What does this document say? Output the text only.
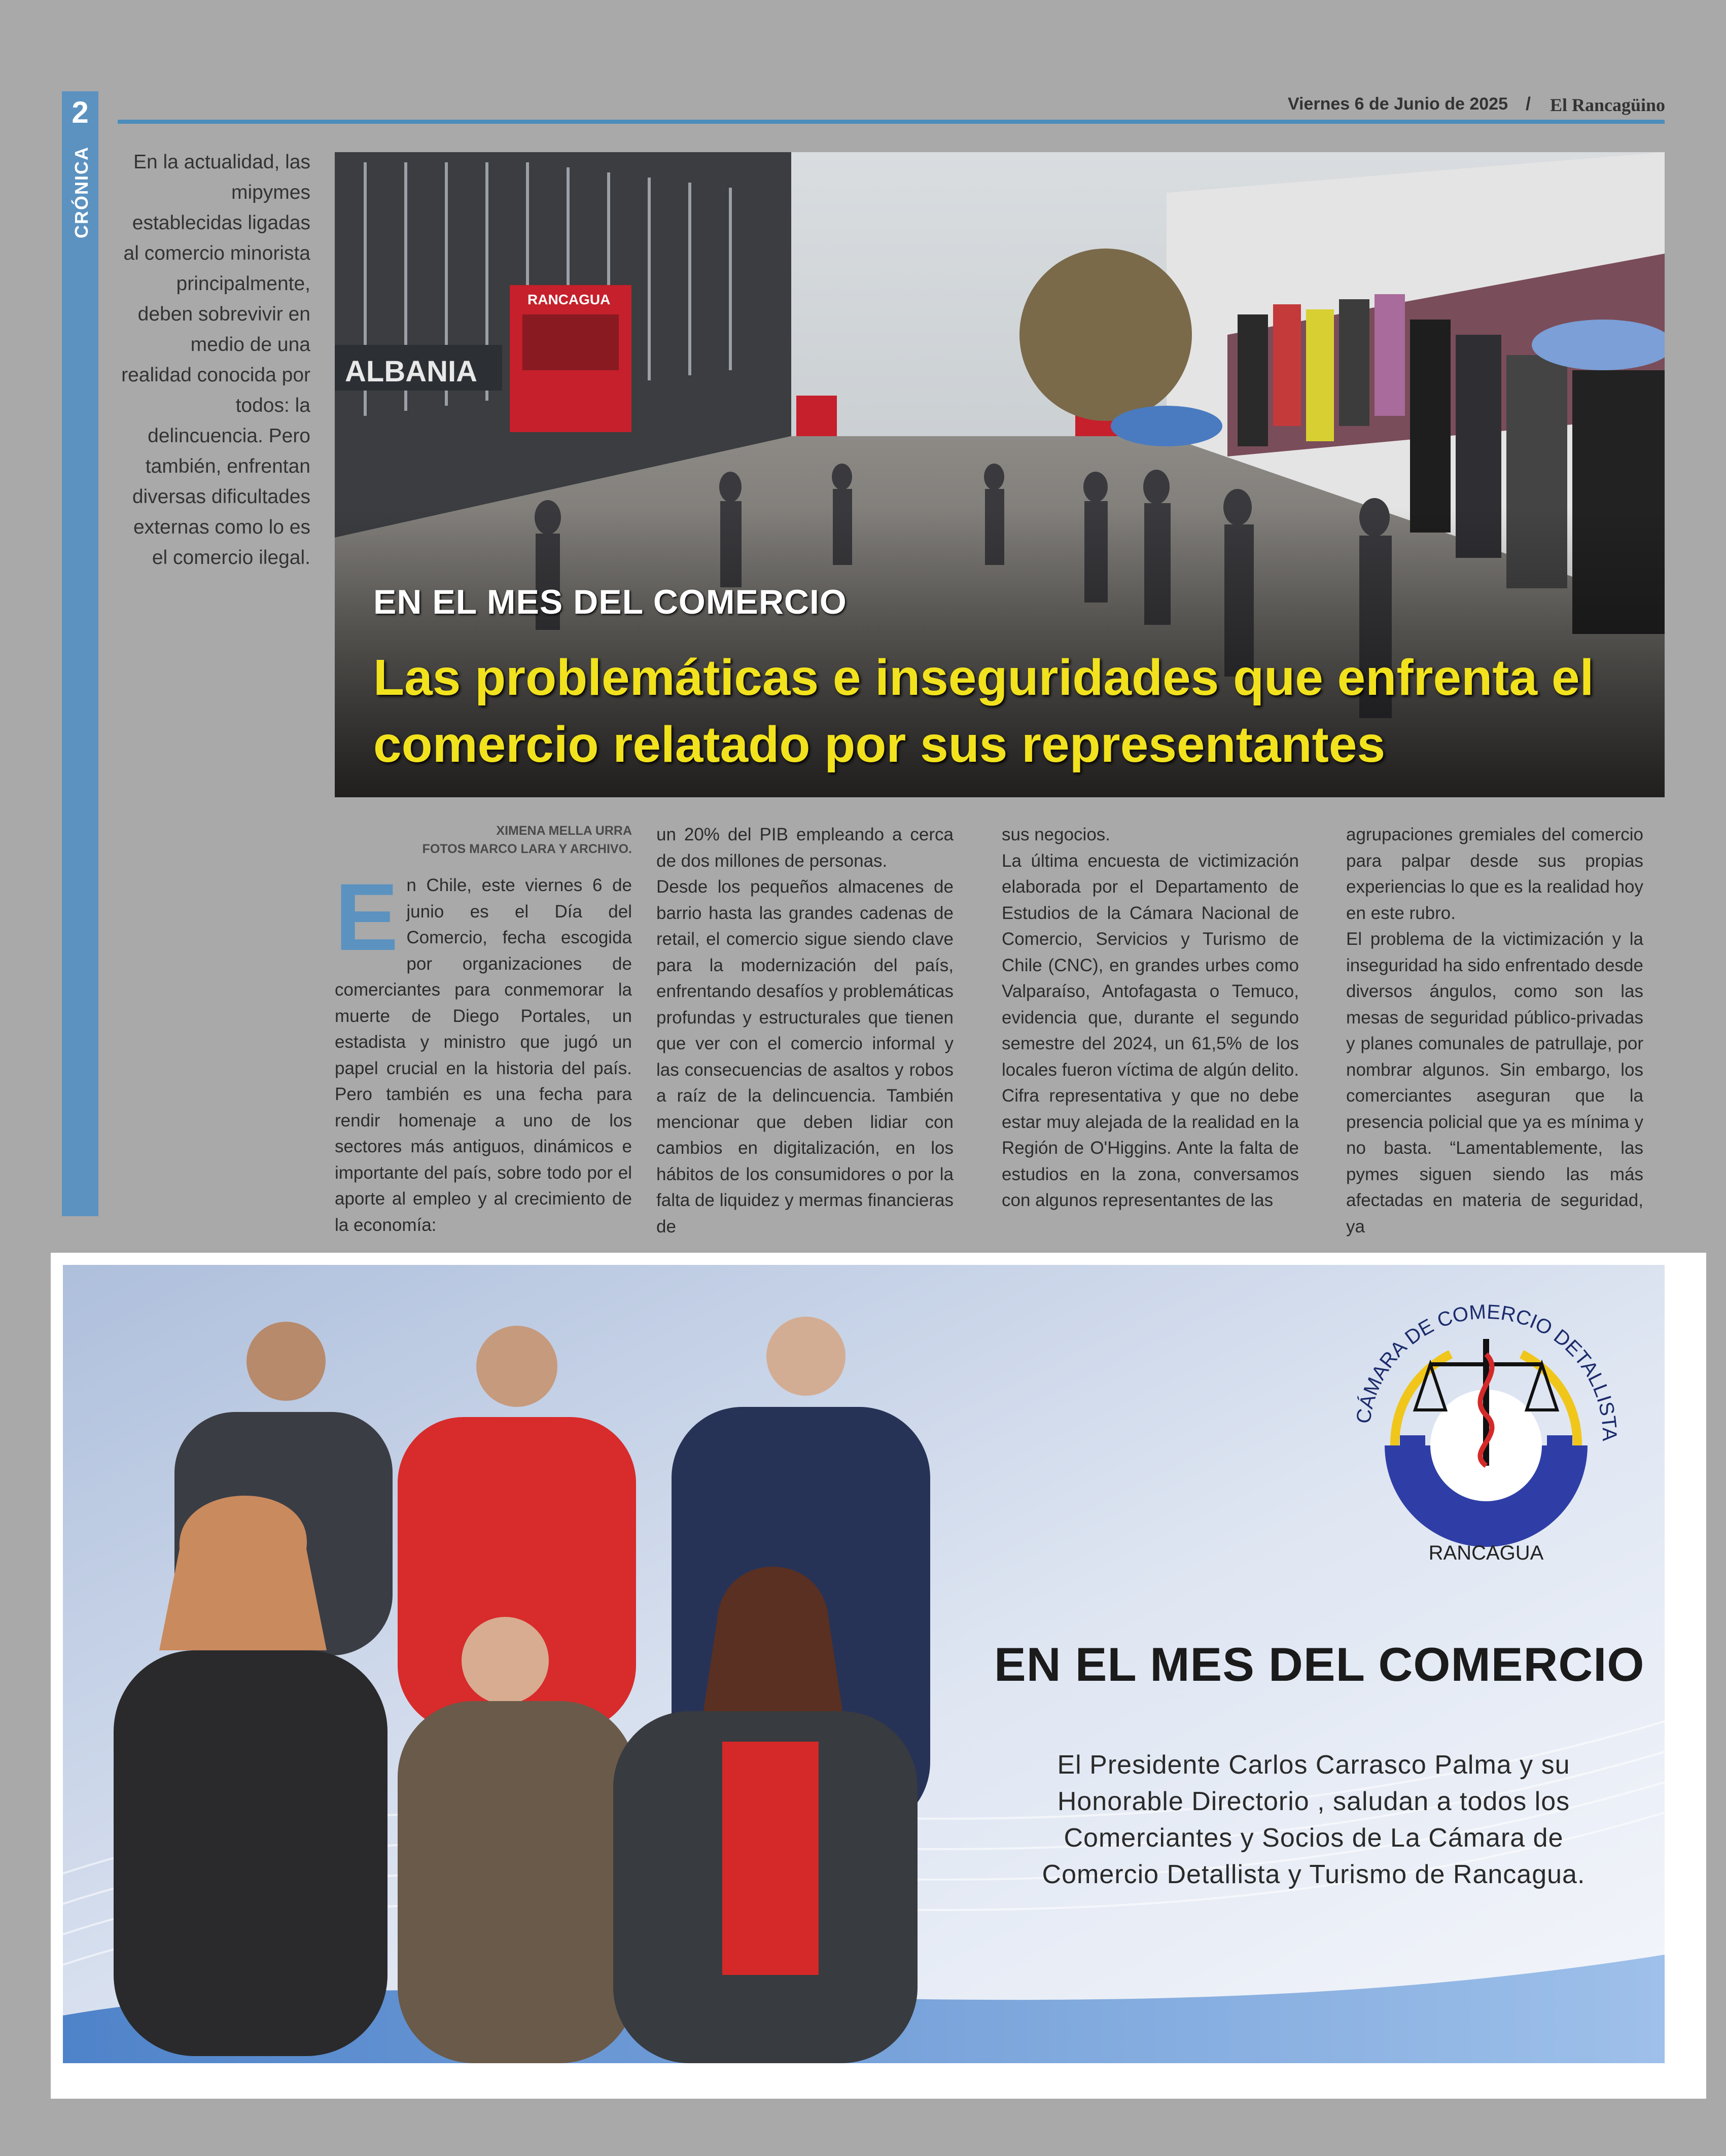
2
CRÓNICA
Viernes 6 de Junio de 2025 / El Rancagüino
En la actualidad, las mipymes establecidas ligadas al comercio minorista principalmente, deben sobrevivir en medio de una realidad conocida por todos: la delincuencia. Pero también, enfrentan diversas dificultades externas como lo es el comercio ilegal.
EN EL MES DEL COMERCIO
Las problemáticas e inseguridades que enfrenta el comercio relatado por sus representantes
XIMENA MELLA URRA
FOTOS MARCO LARA Y ARCHIVO.
E n Chile, este viernes 6 de junio es el Día del Comercio, fecha escogida por organizaciones de comerciantes para conmemorar la muerte de Diego Portales, un estadista y ministro que jugó un papel crucial en la historia del país. Pero también es una fecha para rendir homenaje a uno de los sectores más antiguos, dinámicos e importante del país, sobre todo por el aporte al empleo y al crecimiento de la economía:

un 20% del PIB empleando a cerca de dos millones de personas.

Desde los pequeños almacenes de barrio hasta las grandes cadenas de retail, el comercio sigue siendo clave para la modernización del país, enfrentando desafíos y problemáticas profundas y estructurales que tienen que ver con el comercio informal y las consecuencias de asaltos y robos a raíz de la delincuencia. También mencionar que deben lidiar con cambios en digitalización, en los hábitos de los consumidores o por la falta de liquidez y mermas financieras de

sus negocios.

La última encuesta de victimización elaborada por el Departamento de Estudios de la Cámara Nacional de Comercio, Servicios y Turismo de Chile (CNC), en grandes urbes como Valparaíso, Antofagasta o Temuco, evidencia que, durante el segundo semestre del 2024, un 61,5% de los locales fueron víctima de algún delito. Cifra representativa y que no debe estar muy alejada de la realidad en la Región de O'Higgins. Ante la falta de estudios en la zona, conversamos con algunos representantes de las

agrupaciones gremiales del comercio para palpar desde sus propias experiencias lo que es la realidad hoy en este rubro.

El problema de la victimización y la inseguridad ha sido enfrentado desde diversos ángulos, como son las mesas de seguridad público-privadas y planes comunales de patrullaje, por nombrar algunos. Sin embargo, los comerciantes aseguran que la presencia policial que ya es mínima y no basta. “Lamentablemente, las pymes siguen siendo las más afectadas en materia de seguridad, ya

CÁMARA DE COMERCIO DETALLISTA
RANCAGUA
EN EL MES DEL COMERCIO
El Presidente Carlos Carrasco Palma y su
Honorable Directorio , saludan a todos los
Comerciantes y Socios de La Cámara de
Comercio Detallista y Turismo de Rancagua.
